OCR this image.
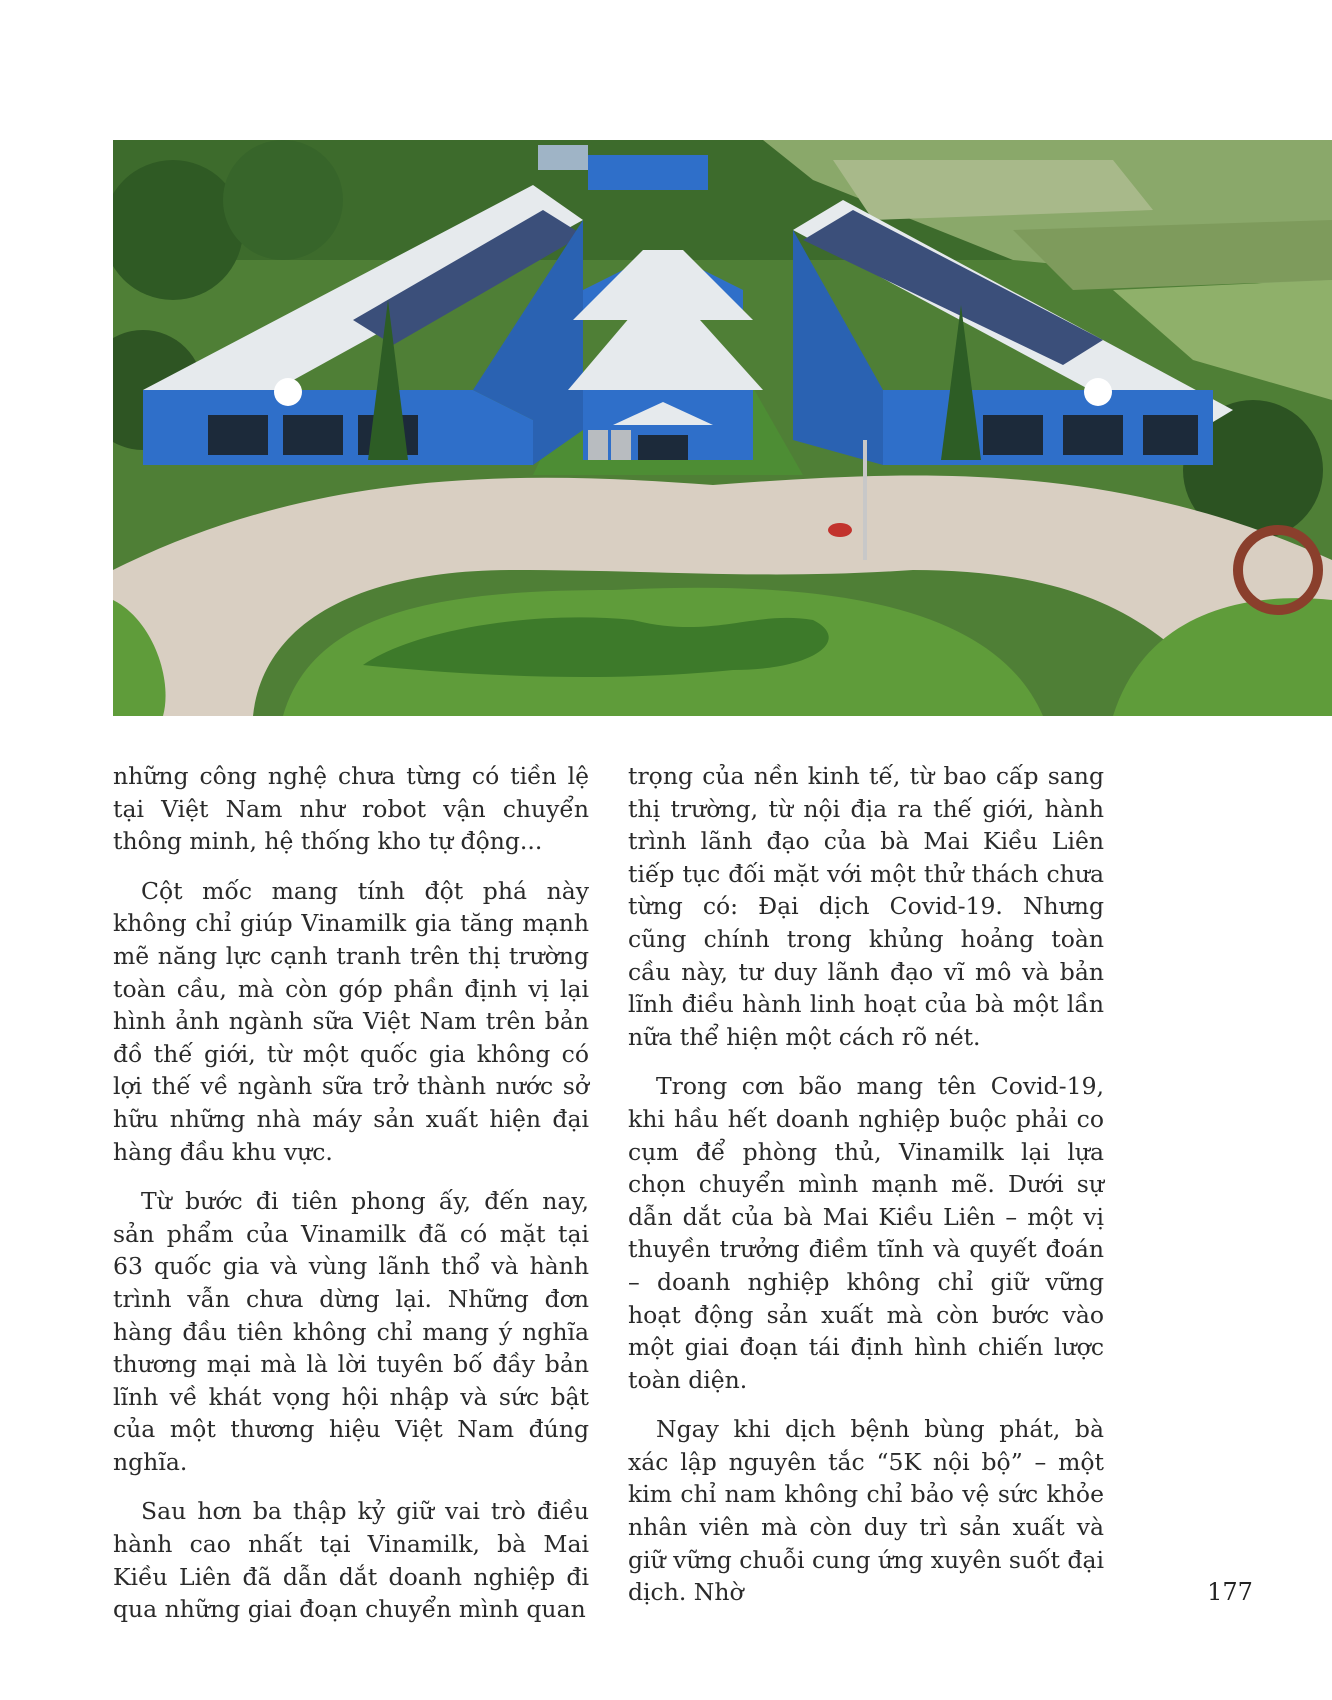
những công nghệ chưa từng có tiền lệ tại Việt Nam như robot vận chuyển thông minh, hệ thống kho tự động...

Cột mốc mang tính đột phá này không chỉ giúp Vinamilk gia tăng mạnh mẽ năng lực cạnh tranh trên thị trường toàn cầu, mà còn góp phần định vị lại hình ảnh ngành sữa Việt Nam trên bản đồ thế giới, từ một quốc gia không có lợi thế về ngành sữa trở thành nước sở hữu những nhà máy sản xuất hiện đại hàng đầu khu vực.

Từ bước đi tiên phong ấy, đến nay, sản phẩm của Vinamilk đã có mặt tại 63 quốc gia và vùng lãnh thổ và hành trình vẫn chưa dừng lại. Những đơn hàng đầu tiên không chỉ mang ý nghĩa thương mại mà là lời tuyên bố đầy bản lĩnh về khát vọng hội nhập và sức bật của một thương hiệu Việt Nam đúng nghĩa.

Sau hơn ba thập kỷ giữ vai trò điều hành cao nhất tại Vinamilk, bà Mai Kiều Liên đã dẫn dắt doanh nghiệp đi qua những giai đoạn chuyển mình quan

trọng của nền kinh tế, từ bao cấp sang thị trường, từ nội địa ra thế giới, hành trình lãnh đạo của bà Mai Kiều Liên tiếp tục đối mặt với một thử thách chưa từng có: Đại dịch Covid-19. Nhưng cũng chính trong khủng hoảng toàn cầu này, tư duy lãnh đạo vĩ mô và bản lĩnh điều hành linh hoạt của bà một lần nữa thể hiện một cách rõ nét.

Trong cơn bão mang tên Covid-19, khi hầu hết doanh nghiệp buộc phải co cụm để phòng thủ, Vinamilk lại lựa chọn chuyển mình mạnh mẽ. Dưới sự dẫn dắt của bà Mai Kiều Liên – một vị thuyền trưởng điềm tĩnh và quyết đoán – doanh nghiệp không chỉ giữ vững hoạt động sản xuất mà còn bước vào một giai đoạn tái định hình chiến lược toàn diện.

Ngay khi dịch bệnh bùng phát, bà xác lập nguyên tắc “5K nội bộ” – một kim chỉ nam không chỉ bảo vệ sức khỏe nhân viên mà còn duy trì sản xuất và giữ vững chuỗi cung ứng xuyên suốt đại dịch. Nhờ	177
